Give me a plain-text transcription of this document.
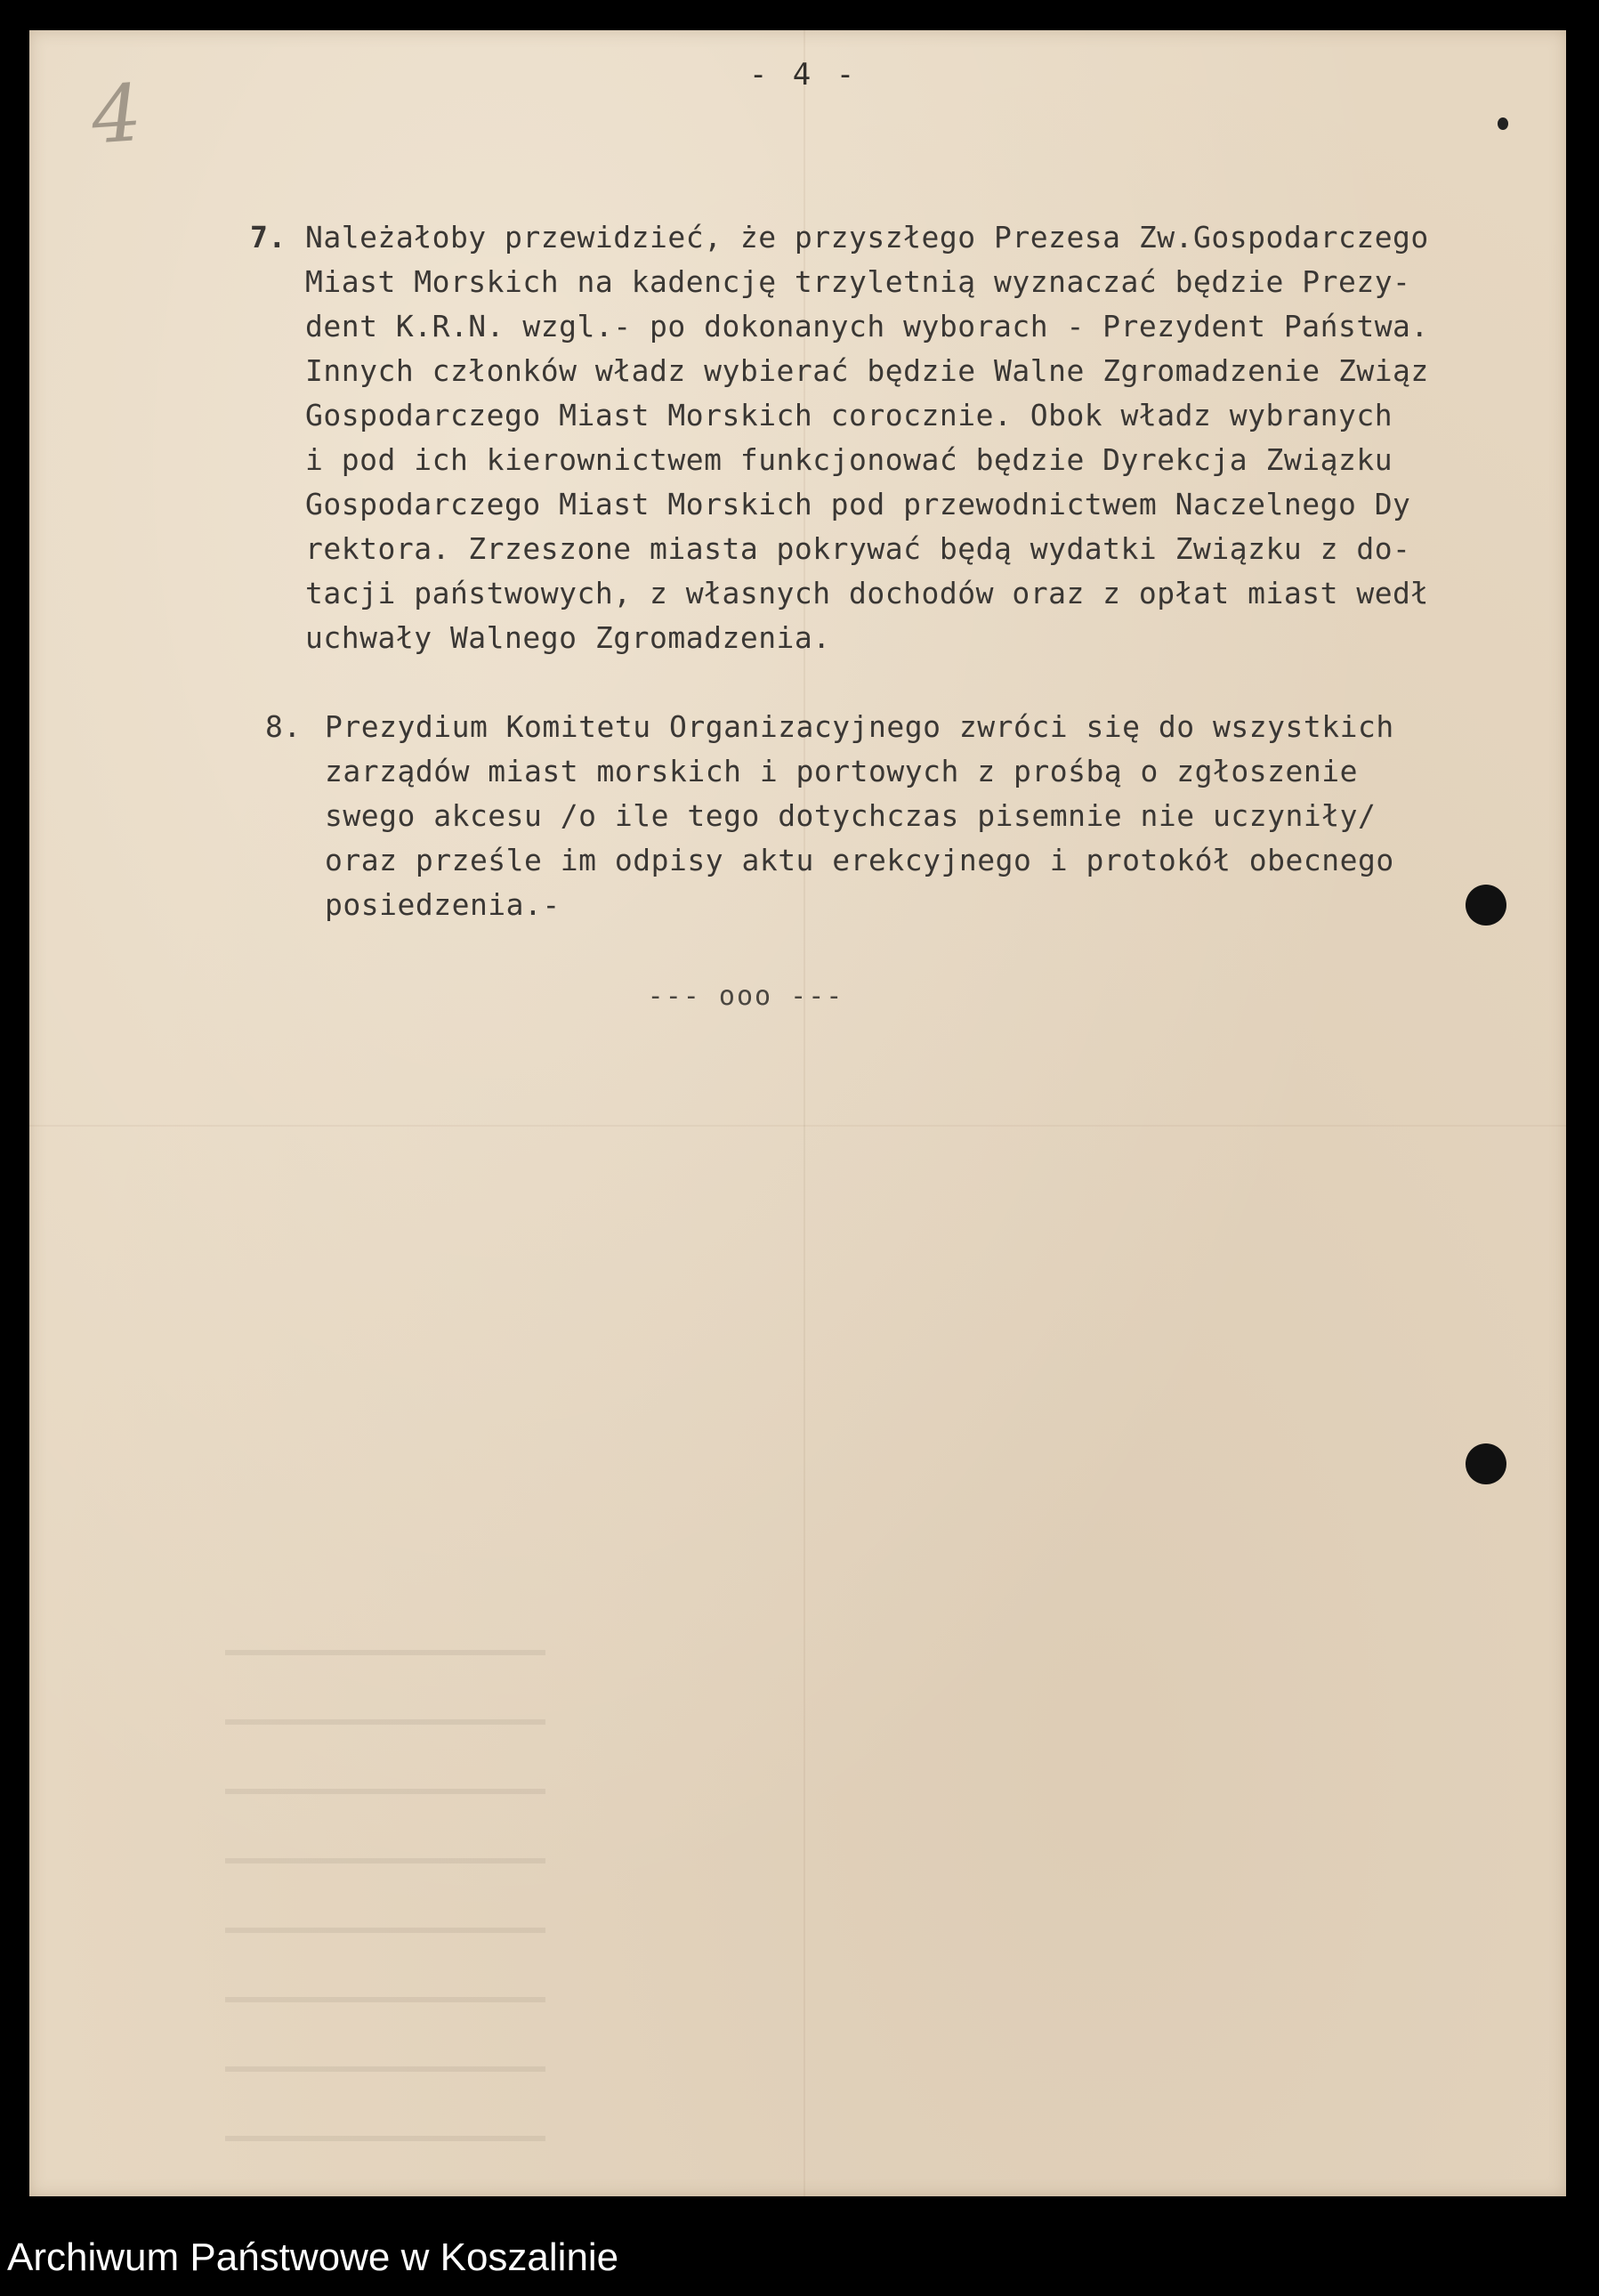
4	- 4 -
7. Należałoby przewidzieć, że przyszłego Prezesa Zw.Gospodarczego
Miast Morskich na kadencję trzyletnią wyznaczać będzie Prezy-
dent K.R.N. wzgl.- po dokonanych wyborach - Prezydent Państwa.
Innych członków władz wybierać będzie Walne Zgromadzenie Związ
Gospodarczego Miast Morskich corocznie. Obok władz wybranych
i pod ich kierownictwem funkcjonować będzie Dyrekcja Związku
Gospodarczego Miast Morskich pod przewodnictwem Naczelnego Dy
rektora. Zrzeszone miasta pokrywać będą wydatki Związku z do-
tacji państwowych, z własnych dochodów oraz z opłat miast wedł
uchwały Walnego Zgromadzenia.
8. Prezydium Komitetu Organizacyjnego zwróci się do wszystkich
zarządów miast morskich i portowych z prośbą o zgłoszenie
swego akcesu /o ile tego dotychczas pisemnie nie uczyniły/
oraz prześle im odpisy aktu erekcyjnego i protokół obecnego
posiedzenia.-
--- ooo ---
Archiwum Państwowe w Koszalinie
